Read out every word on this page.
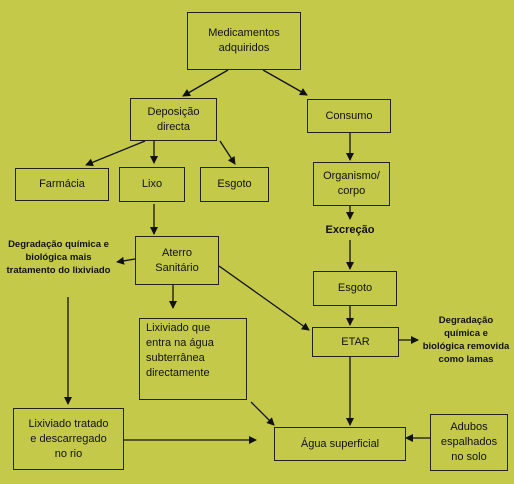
Medicamentos
adquiridos
Deposição
directa
Consumo
Farmácia	Lixo	Esgoto
Organismo/
corpo
Excreção
Aterro
Sanitário
Degradação química e
biológica mais
tratamento do lixiviado
Esgoto
Lixiviado que
entra na água
subterrânea
directamente
ETAR
Degradação
química e
biológica removida
como lamas
Lixiviado tratado
e descarregado
no rio
Água superficial
Adubos
espalhados
no solo
